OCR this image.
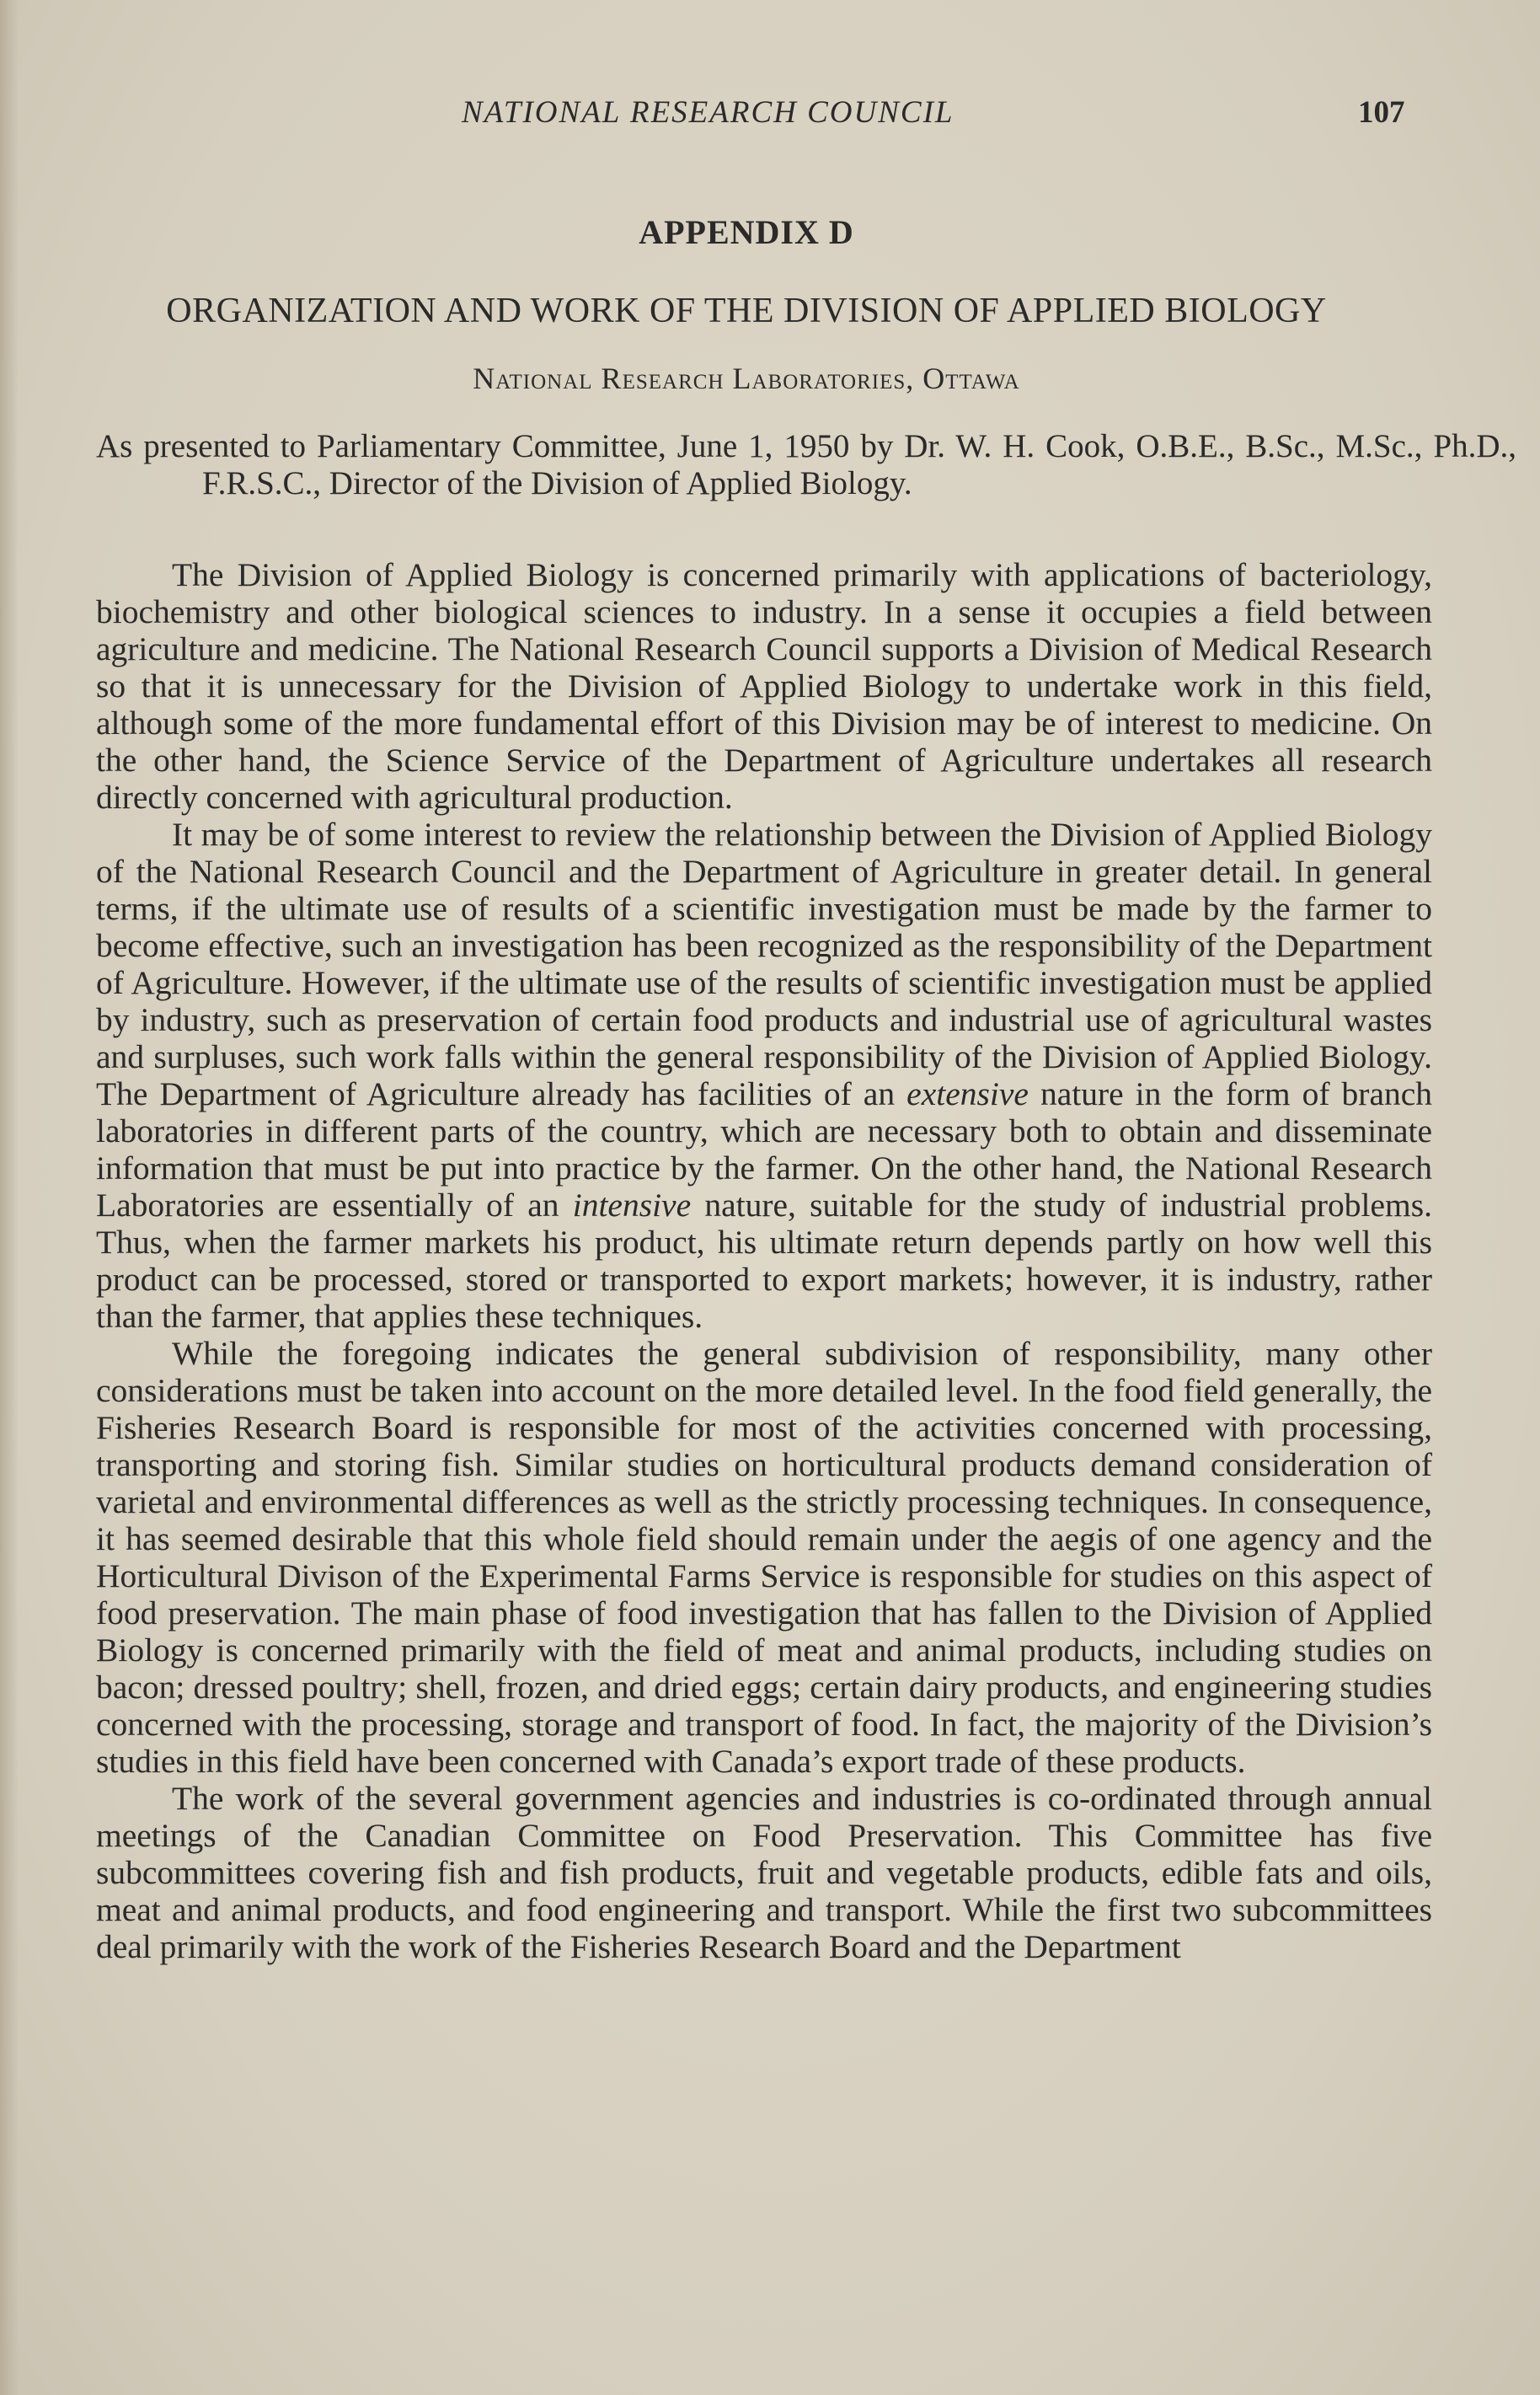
NATIONAL RESEARCH COUNCIL	107
APPENDIX D
ORGANIZATION AND WORK OF THE DIVISION OF APPLIED BIOLOGY
National Research Laboratories, Ottawa
As presented to Parliamentary Committee, June 1, 1950 by Dr. W. H. Cook, O.B.E., B.Sc., M.Sc., Ph.D., F.R.S.C., Director of the Division of Applied Biology.

The Division of Applied Biology is concerned primarily with applications of bacteriology, biochemistry and other biological sciences to industry. In a sense it occupies a field between agriculture and medicine. The National Research Council supports a Division of Medical Research so that it is unnecessary for the Division of Applied Biology to undertake work in this field, although some of the more fundamental effort of this Division may be of interest to medicine. On the other hand, the Science Service of the Department of Agriculture undertakes all research directly concerned with agricultural production.

It may be of some interest to review the relationship between the Division of Applied Biology of the National Research Council and the Department of Agriculture in greater detail. In general terms, if the ultimate use of results of a scientific investigation must be made by the farmer to become effective, such an investigation has been recognized as the responsibility of the Department of Agriculture. However, if the ultimate use of the results of scientific investigation must be applied by industry, such as preservation of certain food products and industrial use of agricultural wastes and surpluses, such work falls within the general responsibility of the Division of Applied Biology. The Department of Agriculture already has facilities of an extensive nature in the form of branch laboratories in different parts of the country, which are necessary both to obtain and disseminate information that must be put into practice by the farmer. On the other hand, the National Research Laboratories are essentially of an intensive nature, suitable for the study of industrial problems. Thus, when the farmer markets his product, his ultimate return depends partly on how well this product can be processed, stored or transported to export markets; however, it is industry, rather than the farmer, that applies these techniques.

While the foregoing indicates the general subdivision of responsibility, many other considerations must be taken into account on the more detailed level. In the food field generally, the Fisheries Research Board is responsible for most of the activities concerned with processing, transporting and storing fish. Similar studies on horticultural products demand consideration of varietal and environmental differences as well as the strictly processing techniques. In consequence, it has seemed desirable that this whole field should remain under the aegis of one agency and the Horticultural Divison of the Experimental Farms Service is responsible for studies on this aspect of food preservation. The main phase of food investigation that has fallen to the Division of Applied Biology is concerned primarily with the field of meat and animal products, including studies on bacon; dressed poultry; shell, frozen, and dried eggs; certain dairy products, and engineering studies concerned with the processing, storage and transport of food. In fact, the majority of the Division’s studies in this field have been concerned with Canada’s export trade of these products.

The work of the several government agencies and industries is co-ordinated through annual meetings of the Canadian Committee on Food Preservation. This Committee has five subcommittees covering fish and fish products, fruit and vegetable products, edible fats and oils, meat and animal products, and food engineering and transport. While the first two subcommittees deal primarily with the work of the Fisheries Research Board and the Department
